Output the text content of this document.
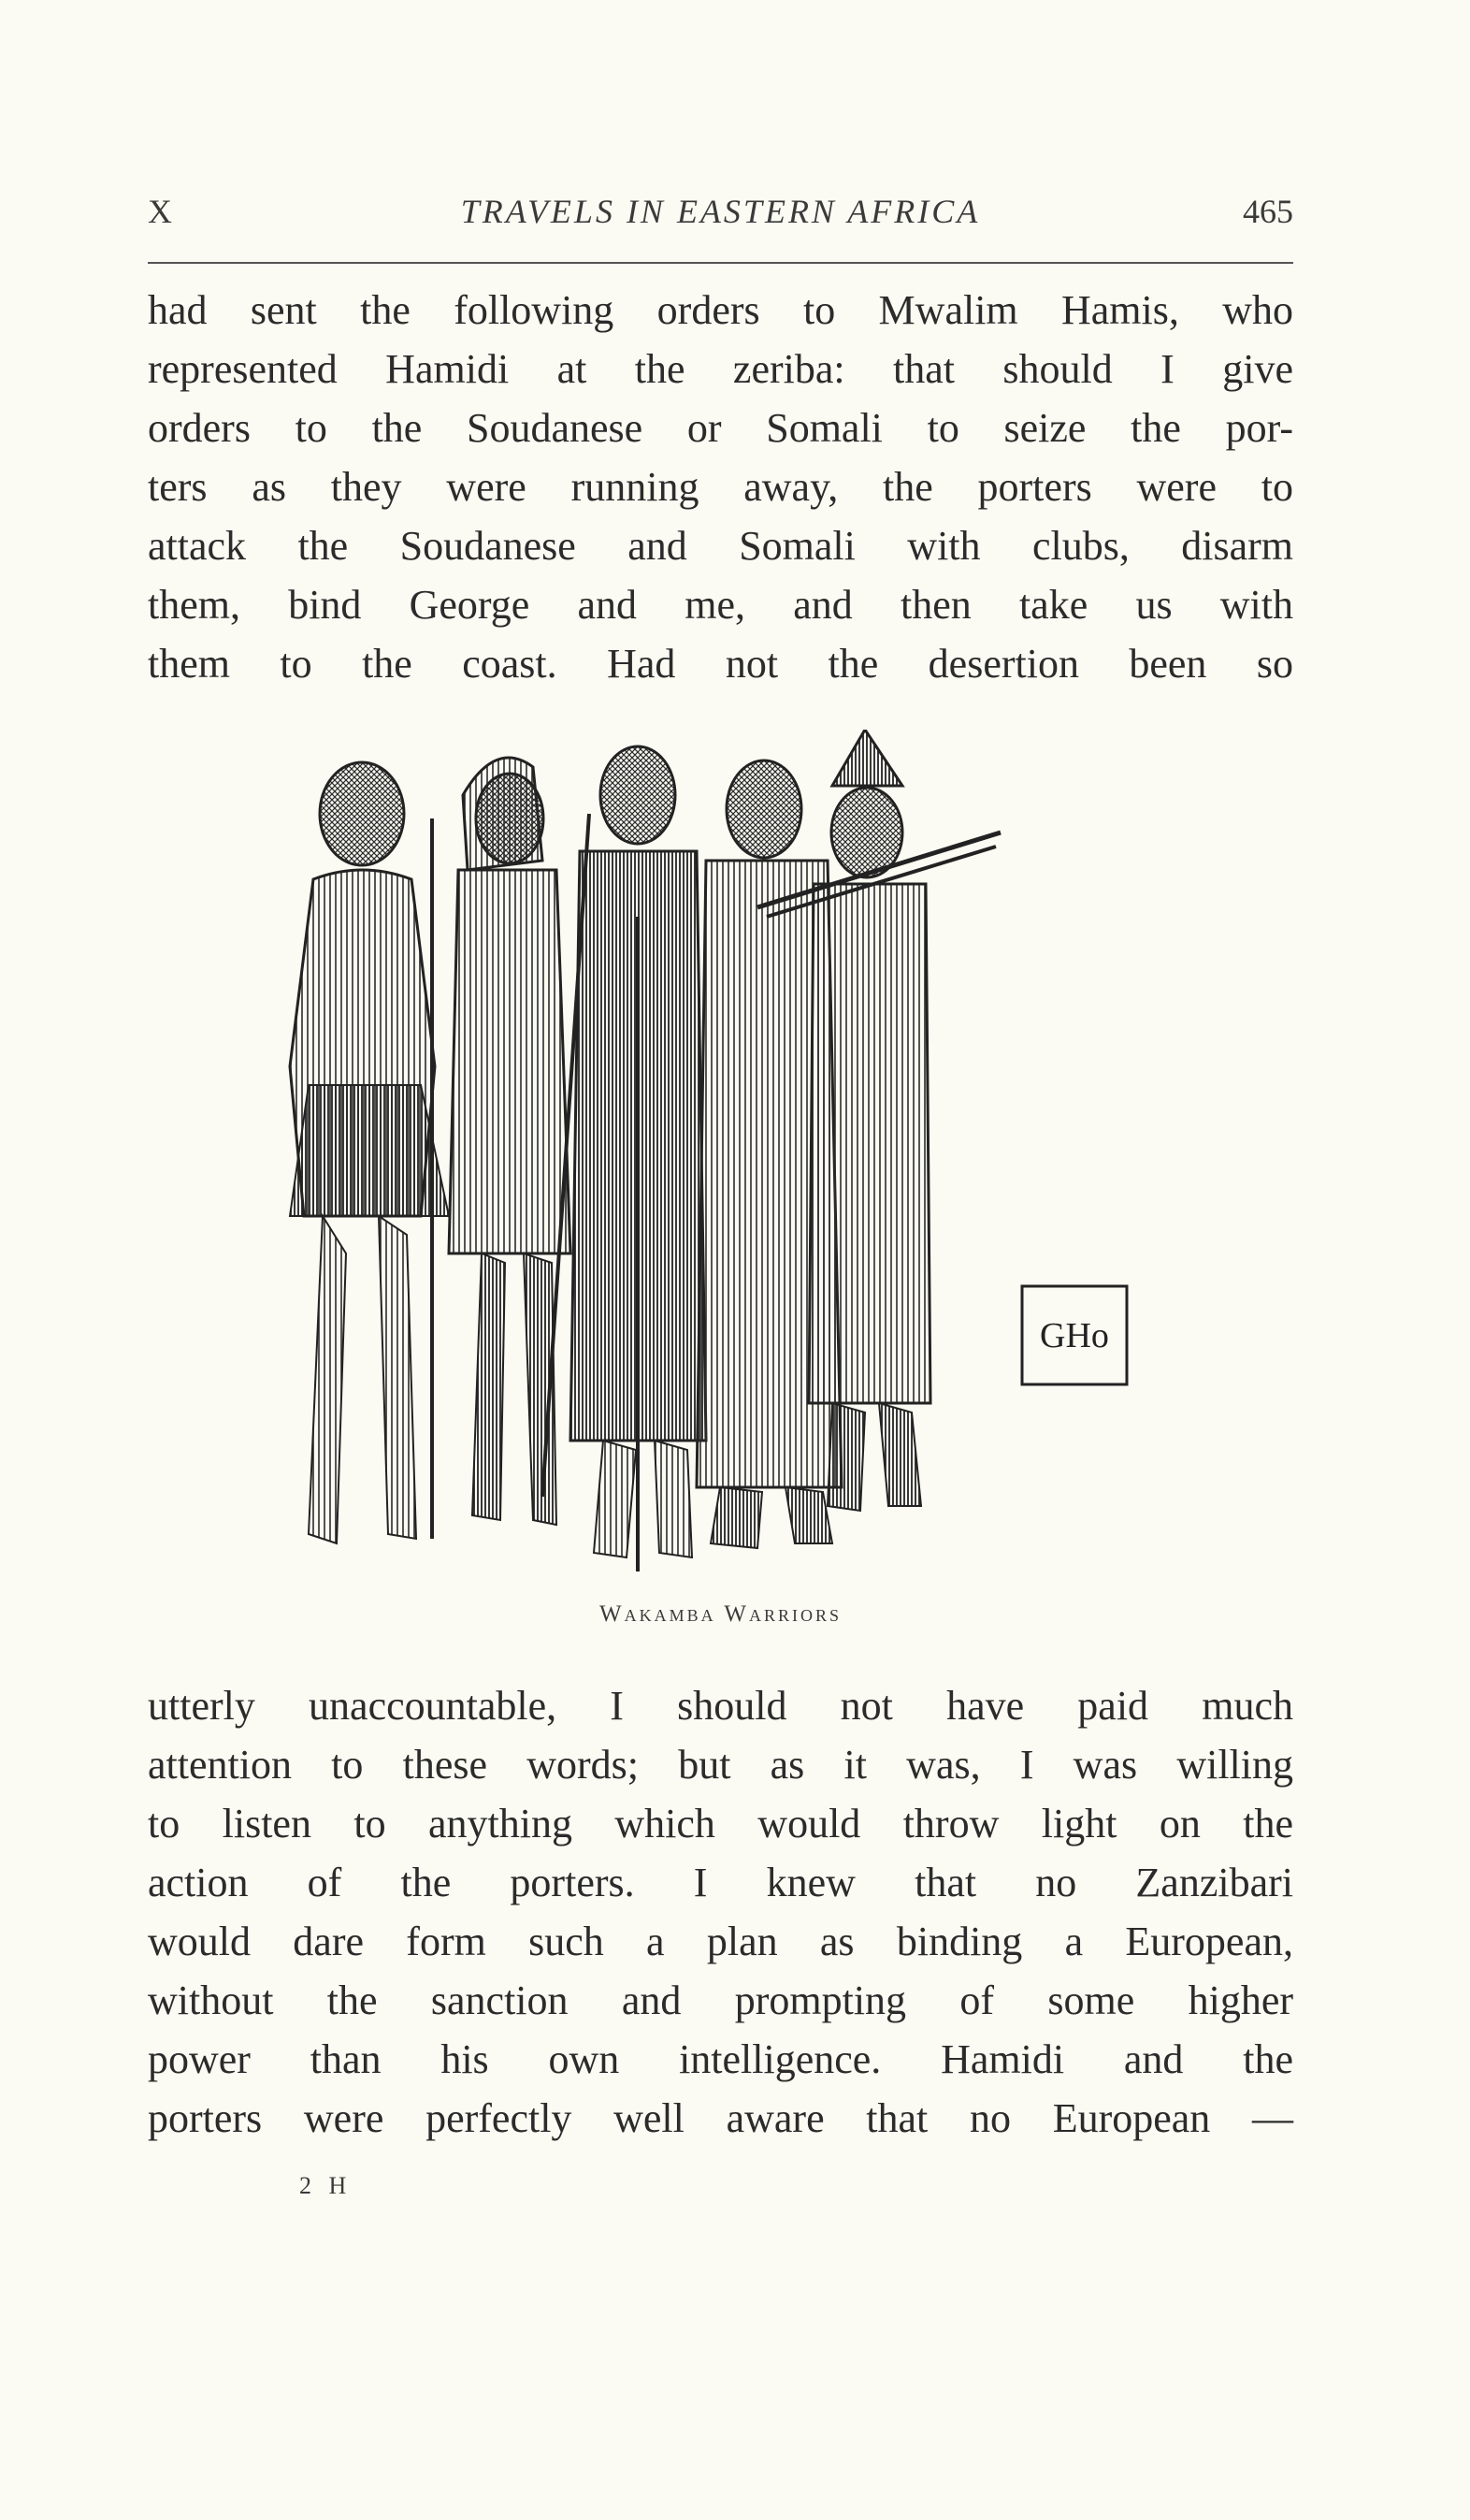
X	TRAVELS IN EASTERN AFRICA	465
had sent the following orders to Mwalim Hamis, who
represented Hamidi at the zeriba: that should I give
orders to the Soudanese or Somali to seize the por-
ters as they were running away, the porters were to
attack the Soudanese and Somali with clubs, disarm
them, bind George and me, and then take us with
them to the coast. Had not the desertion been so
GHo
Wakamba Warriors
utterly unaccountable, I should not have paid much
attention to these words; but as it was, I was willing
to listen to anything which would throw light on the
action of the porters. I knew that no Zanzibari
would dare form such a plan as binding a European,
without the sanction and prompting of some higher
power than his own intelligence. Hamidi and the
porters were perfectly well aware that no European —
2 H
